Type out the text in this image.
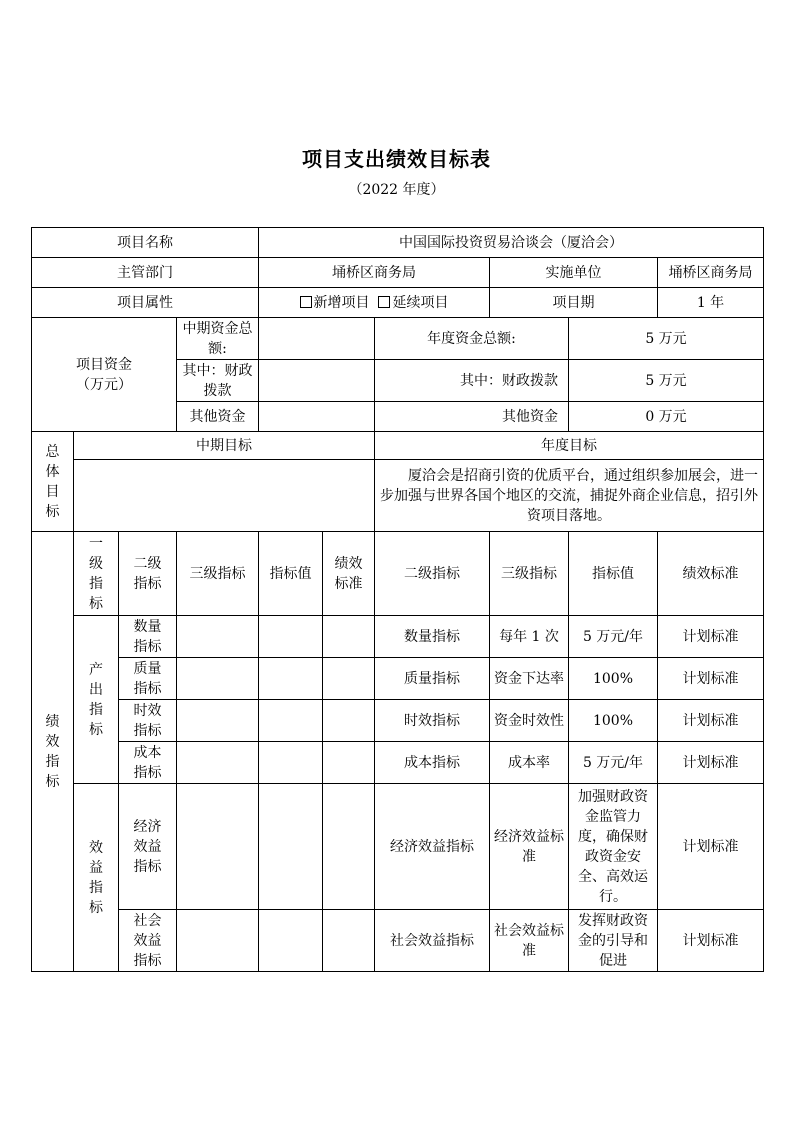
项目支出绩效目标表
（2022 年度）
项目名称				中国国际投资贸易洽谈会（厦洽会）					
主管部门				埇桥区商务局			实施单位		埇桥区商务局
项目属性				新增项目 延续项目			项目期		1 年
项目资金（万元）			中期资金总额:			年度资金总额:		5 万元	
			其中：财政拨款			其中：财政拨款		5 万元	
			其他资金			其他资金		0 万元	
总体目标	中期目标					年度目标			
						厦洽会是招商引资的优质平台，通过组织参加展会，进一步加强与世界各国个地区的交流，捕捉外商企业信息，招引外资项目落地。			
绩效指标	一级指标	二级指标	三级指标	指标值	绩效标准	二级指标	三级指标	指标值	绩效标准
	产出指标	数量指标				数量指标	每年 1 次	5 万元/年	计划标准
		质量指标				质量指标	资金下达率	100%	计划标准
		时效指标				时效指标	资金时效性	100%	计划标准
		成本指标				成本指标	成本率	5 万元/年	计划标准
	效益指标	经济效益指标				经济效益指标	经济效益标准	加强财政资金监管力度，确保财政资金安全、高效运行。	计划标准
		社会效益指标				社会效益指标	社会效益标准	发挥财政资金的引导和促进	计划标准
